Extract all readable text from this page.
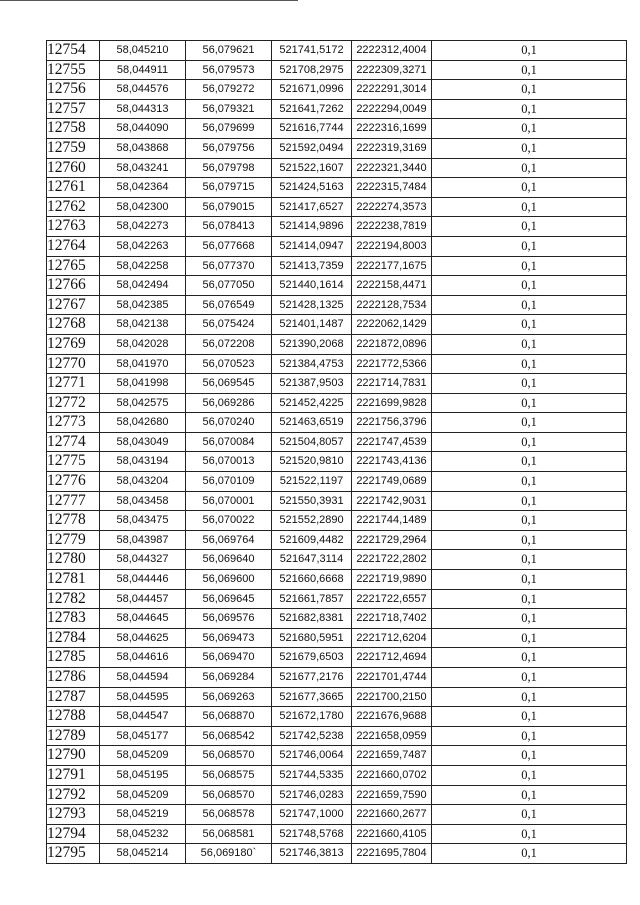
12754	58,045210	56,079621	521741,5172	2222312,4004	0,1
12755	58,044911	56,079573	521708,2975	2222309,3271	0,1
12756	58,044576	56,079272	521671,0996	2222291,3014	0,1
12757	58,044313	56,079321	521641,7262	2222294,0049	0,1
12758	58,044090	56,079699	521616,7744	2222316,1699	0,1
12759	58,043868	56,079756	521592,0494	2222319,3169	0,1
12760	58,043241	56,079798	521522,1607	2222321,3440	0,1
12761	58,042364	56,079715	521424,5163	2222315,7484	0,1
12762	58,042300	56,079015	521417,6527	2222274,3573	0,1
12763	58,042273	56,078413	521414,9896	2222238,7819	0,1
12764	58,042263	56,077668	521414,0947	2222194,8003	0,1
12765	58,042258	56,077370	521413,7359	2222177,1675	0,1
12766	58,042494	56,077050	521440,1614	2222158,4471	0,1
12767	58,042385	56,076549	521428,1325	2222128,7534	0,1
12768	58,042138	56,075424	521401,1487	2222062,1429	0,1
12769	58,042028	56,072208	521390,2068	2221872,0896	0,1
12770	58,041970	56,070523	521384,4753	2221772,5366	0,1
12771	58,041998	56,069545	521387,9503	2221714,7831	0,1
12772	58,042575	56,069286	521452,4225	2221699,9828	0,1
12773	58,042680	56,070240	521463,6519	2221756,3796	0,1
12774	58,043049	56,070084	521504,8057	2221747,4539	0,1
12775	58,043194	56,070013	521520,9810	2221743,4136	0,1
12776	58,043204	56,070109	521522,1197	2221749,0689	0,1
12777	58,043458	56,070001	521550,3931	2221742,9031	0,1
12778	58,043475	56,070022	521552,2890	2221744,1489	0,1
12779	58,043987	56,069764	521609,4482	2221729,2964	0,1
12780	58,044327	56,069640	521647,3114	2221722,2802	0,1
12781	58,044446	56,069600	521660,6668	2221719,9890	0,1
12782	58,044457	56,069645	521661,7857	2221722,6557	0,1
12783	58,044645	56,069576	521682,8381	2221718,7402	0,1
12784	58,044625	56,069473	521680,5951	2221712,6204	0,1
12785	58,044616	56,069470	521679,6503	2221712,4694	0,1
12786	58,044594	56,069284	521677,2176	2221701,4744	0,1
12787	58,044595	56,069263	521677,3665	2221700,2150	0,1
12788	58,044547	56,068870	521672,1780	2221676,9688	0,1
12789	58,045177	56,068542	521742,5238	2221658,0959	0,1
12790	58,045209	56,068570	521746,0064	2221659,7487	0,1
12791	58,045195	56,068575	521744,5335	2221660,0702	0,1
12792	58,045209	56,068570	521746,0283	2221659,7590	0,1
12793	58,045219	56,068578	521747,1000	2221660,2677	0,1
12794	58,045232	56,068581	521748,5768	2221660,4105	0,1
12795	58,045214	56,069180`	521746,3813	2221695,7804	0,1
